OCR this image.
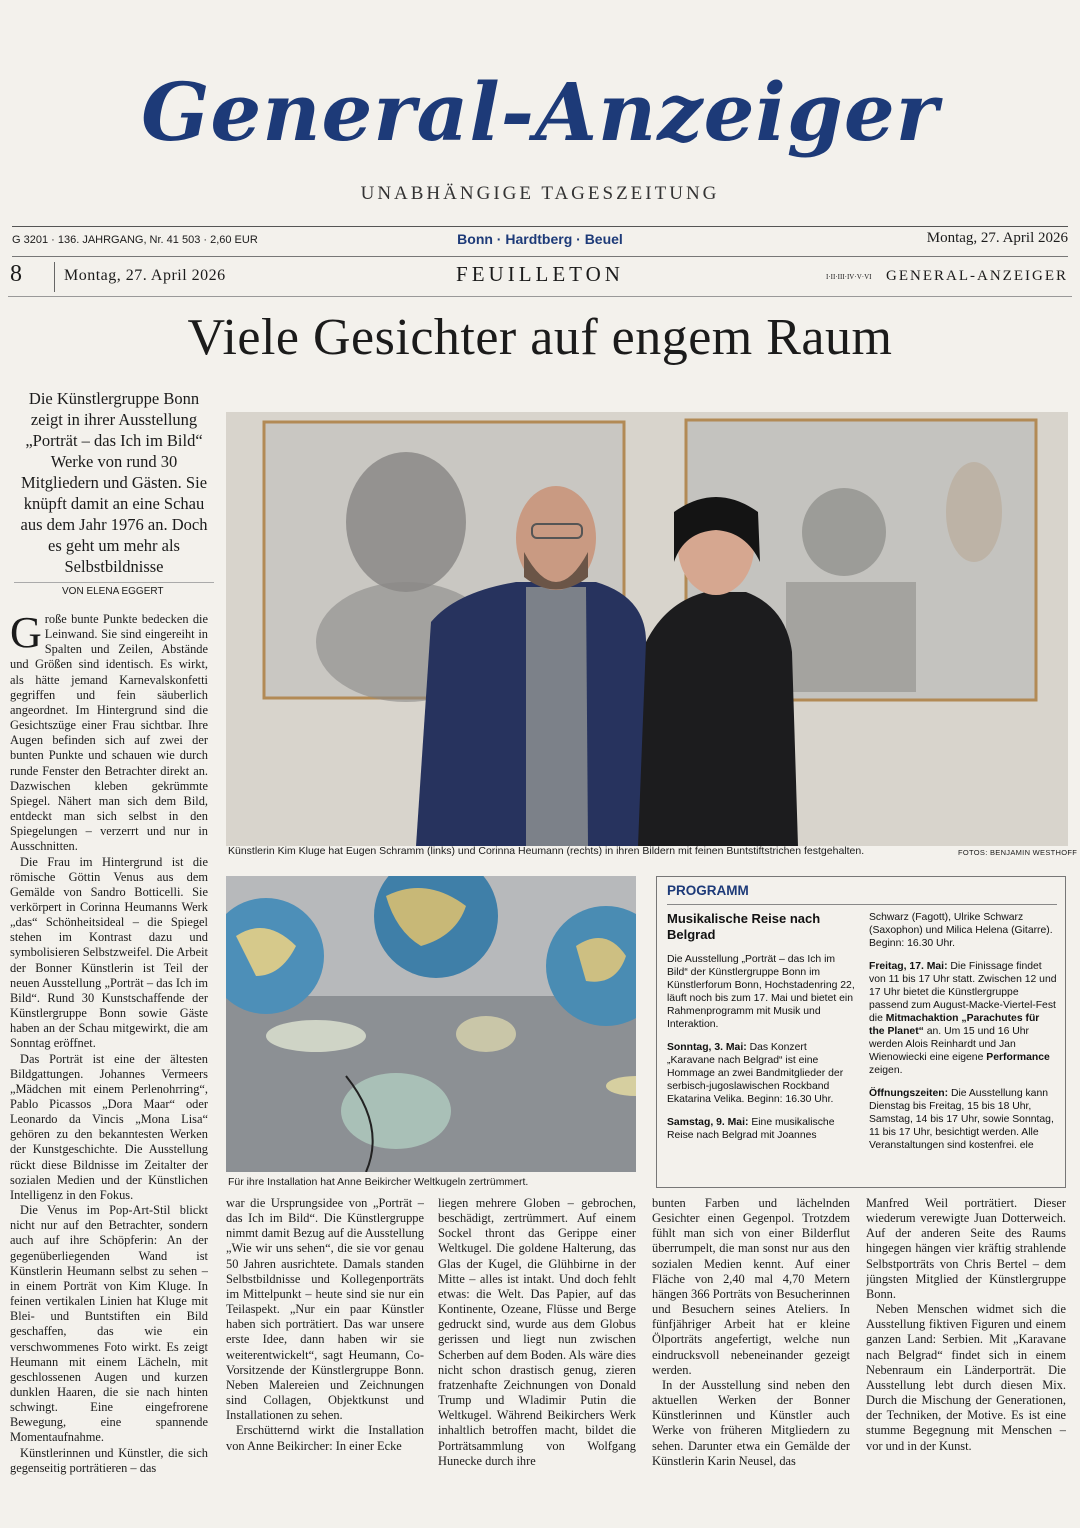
General-Anzeiger
UNABHÄNGIGE TAGESZEITUNG
G 3201 · 136. JAHRGANG, Nr. 41 503 · 2,60 EUR	Bonn · Hardtberg · Beuel	Montag, 27. April 2026
8	Montag, 27. April 2026	FEUILLETON	I·II·III·IV·V·VI GENERAL-ANZEIGER
Viele Gesichter auf engem Raum
Die Künstlergruppe Bonn zeigt in ihrer Ausstellung „Porträt – das Ich im Bild“ Werke von rund 30 Mitgliedern und Gästen. Sie knüpft damit an eine Schau aus dem Jahr 1976 an. Doch es geht um mehr als Selbstbildnisse
VON ELENA EGGERT

Große bunte Punkte bedecken die Leinwand. Sie sind eingereiht in Spalten und Zeilen, Abstände und Größen sind identisch. Es wirkt, als hätte jemand Karnevalskonfetti gegriffen und fein säuberlich angeordnet. Im Hintergrund sind die Gesichtszüge einer Frau sichtbar. Ihre Augen befinden sich auf zwei der bunten Punkte und schauen wie durch runde Fenster den Betrachter direkt an. Dazwischen kleben gekrümmte Spiegel. Nähert man sich dem Bild, entdeckt man sich selbst in den Spiegelungen – verzerrt und nur in Ausschnitten.

Die Frau im Hintergrund ist die römische Göttin Venus aus dem Gemälde von Sandro Botticelli. Sie verkörpert in Corinna Heumanns Werk „das“ Schönheitsideal – die Spiegel stehen im Kontrast dazu und symbolisieren Selbstzweifel. Die Arbeit der Bonner Künstlerin ist Teil der neuen Ausstellung „Porträt – das Ich im Bild“. Rund 30 Kunstschaffende der Künstlergruppe Bonn sowie Gäste haben an der Schau mitgewirkt, die am Sonntag eröffnet.

Das Porträt ist eine der ältesten Bildgattungen. Johannes Vermeers „Mädchen mit einem Perlenohrring“, Pablo Picassos „Dora Maar“ oder Leonardo da Vincis „Mona Lisa“ gehören zu den bekanntesten Werken der Kunstgeschichte. Die Ausstellung rückt diese Bildnisse im Zeitalter der sozialen Medien und der Künstlichen Intelligenz in den Fokus.

Die Venus im Pop-Art-Stil blickt nicht nur auf den Betrachter, sondern auch auf ihre Schöpferin: An der gegenüberliegenden Wand ist Künstlerin Heumann selbst zu sehen – in einem Porträt von Kim Kluge. In feinen vertikalen Linien hat Kluge mit Blei- und Buntstiften ein Bild geschaffen, das wie ein verschwommenes Foto wirkt. Es zeigt Heumann mit einem Lächeln, mit geschlossenen Augen und kurzen dunklen Haaren, die sie nach hinten schwingt. Eine eingefrorene Bewegung, eine spannende Momentaufnahme.

Künstlerinnen und Künstler, die sich gegenseitig porträtieren – das

Künstlerin Kim Kluge hat Eugen Schramm (links) und Corinna Heumann (rechts) in ihren Bildern mit feinen Buntstiftstrichen festgehalten.	FOTOS: BENJAMIN WESTHOFF
Für ihre Installation hat Anne Beikircher Weltkugeln zertrümmert.
PROGRAMM
Musikalische Reise nach Belgrad

Die Ausstellung „Porträt – das Ich im Bild“ der Künstlergruppe Bonn im Künstlerforum Bonn, Hochstadenring 22, läuft noch bis zum 17. Mai und bietet ein Rahmenprogramm mit Musik und Interaktion.

Sonntag, 3. Mai: Das Konzert „Karavane nach Belgrad“ ist eine Hommage an zwei Bandmitglieder der serbisch-jugoslawischen Rockband Ekatarina Velika. Beginn: 16.30 Uhr.

Samstag, 9. Mai: Eine musikalische Reise nach Belgrad mit Joannes

Schwarz (Fagott), Ulrike Schwarz (Saxophon) und Milica Helena (Gitarre). Beginn: 16.30 Uhr.

Freitag, 17. Mai: Die Finissage findet von 11 bis 17 Uhr statt. Zwischen 12 und 17 Uhr bietet die Künstlergruppe passend zum August-Macke-Viertel-Fest die Mitmachaktion „Parachutes für the Planet“ an. Um 15 und 16 Uhr werden Alois Reinhardt und Jan Wienowiecki eine eigene Performance zeigen.

Öffnungszeiten: Die Ausstellung kann Dienstag bis Freitag, 15 bis 18 Uhr, Samstag, 14 bis 17 Uhr, sowie Sonntag, 11 bis 17 Uhr, besichtigt werden. Alle Veranstaltungen sind kostenfrei. ele

war die Ursprungsidee von „Porträt – das Ich im Bild“. Die Künstlergruppe nimmt damit Bezug auf die Ausstellung „Wie wir uns sehen“, die sie vor genau 50 Jahren ausrichtete. Damals standen Selbstbildnisse und Kollegenporträts im Mittelpunkt – heute sind sie nur ein Teilaspekt. „Nur ein paar Künstler haben sich porträtiert. Das war unsere erste Idee, dann haben wir sie weiterentwickelt“, sagt Heumann, Co-Vorsitzende der Künstlergruppe Bonn. Neben Malereien und Zeichnungen sind Collagen, Objektkunst und Installationen zu sehen.

Erschütternd wirkt die Installation von Anne Beikircher: In einer Ecke

liegen mehrere Globen – gebrochen, beschädigt, zertrümmert. Auf einem Sockel thront das Gerippe einer Weltkugel. Die goldene Halterung, das Glas der Kugel, die Glühbirne in der Mitte – alles ist intakt. Und doch fehlt etwas: die Welt. Das Papier, auf das Kontinente, Ozeane, Flüsse und Berge gedruckt sind, wurde aus dem Globus gerissen und liegt nun zwischen Scherben auf dem Boden. Als wäre dies nicht schon drastisch genug, zieren fratzenhafte Zeichnungen von Donald Trump und Wladimir Putin die Weltkugel. Während Beikirchers Werk inhaltlich betroffen macht, bildet die Porträtsammlung von Wolfgang Hunecke durch ihre

bunten Farben und lächelnden Gesichter einen Gegenpol. Trotzdem fühlt man sich von einer Bilderflut überrumpelt, die man sonst nur aus den sozialen Medien kennt. Auf einer Fläche von 2,40 mal 4,70 Metern hängen 366 Porträts von Besucherinnen und Besuchern seines Ateliers. In fünfjähriger Arbeit hat er kleine Ölporträts angefertigt, welche nun eindrucksvoll nebeneinander gezeigt werden.

In der Ausstellung sind neben den aktuellen Werken der Bonner Künstlerinnen und Künstler auch Werke von früheren Mitgliedern zu sehen. Darunter etwa ein Gemälde der Künstlerin Karin Neusel, das

Manfred Weil porträtiert. Dieser wiederum verewigte Juan Dotterweich. Auf der anderen Seite des Raums hingegen hängen vier kräftig strahlende Selbstporträts von Chris Bertel – dem jüngsten Mitglied der Künstlergruppe Bonn.

Neben Menschen widmet sich die Ausstellung fiktiven Figuren und einem ganzen Land: Serbien. Mit „Karavane nach Belgrad“ findet sich in einem Nebenraum ein Länderporträt. Die Ausstellung lebt durch diesen Mix. Durch die Mischung der Generationen, der Techniken, der Motive. Es ist eine stumme Begegnung mit Menschen – vor und in der Kunst.
